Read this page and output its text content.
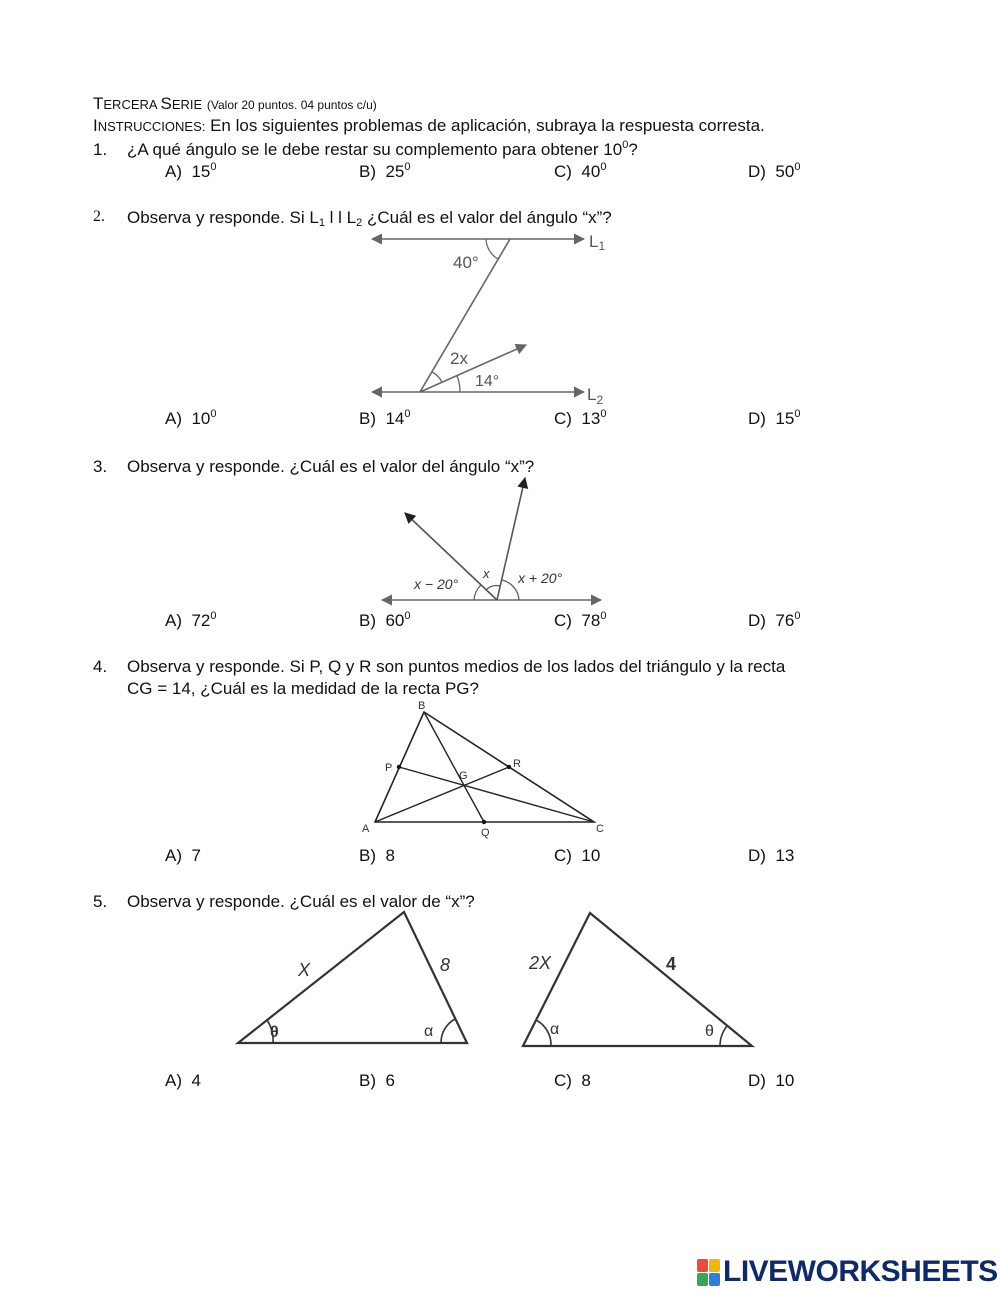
TERCERA SERIE (Valor 20 puntos. 04 puntos c/u)
INSTRUCCIONES: En los siguientes problemas de aplicación, subraya la respuesta corresta.
1. ¿A qué ángulo se le debe restar su complemento para obtener $10^0$?
A) $15^0$	B) $25^0$	C) $40^0$	D) $50^0$
2. Observa y responde. Si $L_1$ l l $L_2$ ¿Cuál es el valor del ángulo “x”?
40°
2x
14°
L1
$L_2$
x − 20°
x x + 20°
B
A	C
P	R
Q
G
X	8
θ	α
2X	4
α	θ
A) $10^0$	B) $14^0$	C) $13^0$	D) $15^0$
3. Observa y responde. ¿Cuál es el valor del ángulo “x”?
A) $72^0$	B) $60^0$	C) $78^0$	D) $76^0$
4. Observa y responde. Si P, Q y R son puntos medios de los lados del triángulo y la recta
CG = 14, ¿Cuál es la medidad de la recta PG?
A) 7	B) 8	C) 10	D) 13
5. Observa y responde. ¿Cuál es el valor de “x”?
A) 4	B) 6	C) 8	D) 10
LIVEWORKSHEETS
